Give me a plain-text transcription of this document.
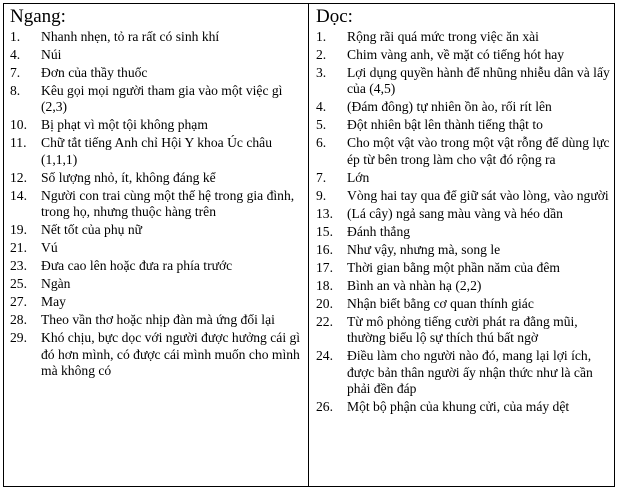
Ngang:
1.	Nhanh nhẹn, tỏ ra rất có sinh khí
4.	Núi
7.	Đơn của thầy thuốc
8.	Kêu gọi mọi người tham gia vào một việc gì (2,3)
10.	Bị phạt vì một tội không phạm
11.	Chữ tắt tiếng Anh chỉ Hội Y khoa Úc châu (1,1,1)
12.	Số lượng nhỏ, ít, không đáng kể
14.	Người con trai cùng một thế hệ trong gia đình, trong họ, nhưng thuộc hàng trên
19.	Nết tốt của phụ nữ
21.	Vú
23.	Đưa cao lên hoặc đưa ra phía trước
25.	Ngàn
27.	May
28.	Theo vần thơ hoặc nhịp đàn mà ứng đối lại
29.	Khó chịu, bực dọc với người được hưởng cái gì đó hơn mình, có được cái mình muốn cho mình mà không có
Dọc:
1.	Rộng rãi quá mức trong việc ăn xài
2.	Chim vàng anh, về mặt có tiếng hót hay
3.	Lợi dụng quyền hành để nhũng nhiễu dân và lấy của (4,5)
4.	(Đám đông) tự nhiên ồn ào, rối rít lên
5.	Đột nhiên bật lên thành tiếng thật to
6.	Cho một vật vào trong một vật rỗng để dùng lực ép từ bên trong làm cho vật đó rộng ra
7.	Lớn
9.	Vòng hai tay qua để giữ sát vào lòng, vào người
13.	(Lá cây) ngả sang màu vàng và héo dần
15.	Đánh thắng
16.	Như vậy, nhưng mà, song le
17.	Thời gian bằng một phần năm của đêm
18.	Bình an và nhàn hạ (2,2)
20.	Nhận biết bằng cơ quan thính giác
22.	Từ mô phỏng tiếng cười phát ra đằng mũi, thường biểu lộ sự thích thú bất ngờ
24.	Điều làm cho người nào đó, mang lại lợi ích, được bản thân người ấy nhận thức như là cần phải đền đáp
26.	Một bộ phận của khung cửi, của máy dệt
